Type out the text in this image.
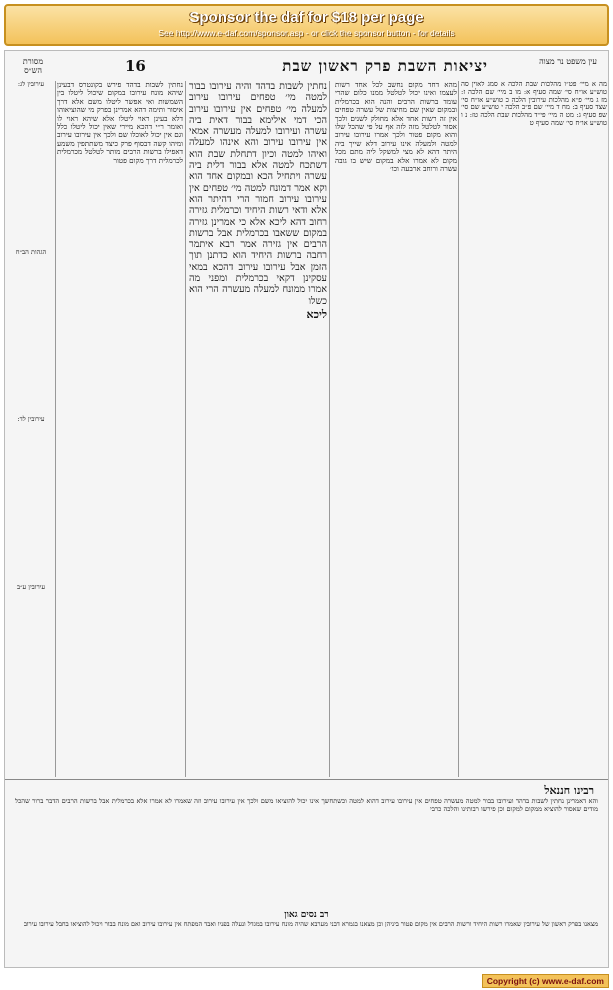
Sponsor the daf for $18 per page
See http://www.e-daf.com/sponsor.asp - or click the sponsor button - for details
עין משפט נר מצוה
יציאות השבת פרק ראשון שבת
16
מסורת הש״ס

מה א מיי׳ פט״ו מהלכות שבת הלכה א סמג לאוין סה טוש״ע או״ח סי׳ שמה סעיף א: מו ב מיי׳ שם הלכה ז: מז ג מיי׳ פ״א מהלכות עירובין הלכה כ טוש״ע או״ח סי׳ שצד סעיף ב: מח ד מיי׳ שם פ״ב הלכה י טוש״ע שם סי׳ שפ סעיף ג: מט ה מיי׳ פי״ד מהלכות שבת הלכה טז: נ ו טוש״ע או״ח סי׳ שמה סעיף ט

מהא דחד מקום נחשב לכל אחד רשות לעצמו ואינו יכול לטלטל ממנו כלום שהרי עומד ברשות הרבים והנה הוא בכרמלית ובמקום שאין שם מחיצות של עשרה טפחים אין זה רשות אחד אלא מחולק לשנים ולכך אסור לטלטל מזה לזה אף על פי שהכל שלו והוא מקום פטור ולכך אמרו עירובו עירוב למטה ולמעלה אינו עירוב דלא שייך ביה היתר דהא לא מצי למשקל ליה מתם מכל מקום לא אמרו אלא במקום שיש בו גובה עשרה ורוחב ארבעה וכו׳

נחתין לשבות בדהד והיה עירובו בבור למטה מי׳ טפחים עירובו עירוב למעלה מי׳ טפחים אין עירובו עירוב הכי דמי אילימא בבור דאית ביה עשרה ועירובו למעלה מעשרה אמאי אין עירובו עירוב והא אינהו למעלה ואיהו למטה וכיון דתחלת שבת הוא דשתכח למטה אלא בבור דלית ביה עשרה ויתחיל הכא ובמקום אחד הוא וקא אמר דמונח למטה מי׳ טפחים אין עירובו עירוב חמור הרי דהיתר הוא אלא ודאי רשות היחיד וכרמלית גזירה רחוב דהא ליכא אלא כי אמרינן גזירה במקום ששאבו בכרמלית אבל ברשות הרבים אין גזירה אמר רבא איתמר רחבה ברשות היחיד הוא כדתנן תוך הזמן אבל עירובו עירוב דהכא במאי עסקינן דקאי בכרמלית ומפני מה אמרו ממונח למעלה מעשרה הרי הוא כשלו

ליכא

נחתין לשבות בדהד פירש בקונטרס דבעינן שיהא מונח עירובו במקום שיכול ליטלו בין השמשות ואי אפשר ליטלו משם אלא דרך איסור ותימה דהא אמרינן בפרק מי שהוציאוהו דלא בעינן ראוי ליטלו אלא שיהא ראוי לו ואומר ר״י דהכא מיירי שאין יכול ליטלו כלל וגם אין יכול לאוכלו שם ולכך אין עירובו עירוב ומיהו קשה דבסוף פרק כיצד משתתפין משמע דאפילו ברשות הרבים מותר לטלטל מכרמלית לכרמלית דרך מקום פטור

עירובין לג:

הגהות הב״ח

עירובין לד:

עירובין ע״ב

רבינו חננאל
והא דאמרינן נחתין לשבות בדהד ועירובו בבור למטה מעשרה טפחים אין עירובו עירוב דהוא למטה וכשתחשך אינו יכול להוציאו משם ולכך אין עירובו עירוב וזה שאמרו לא אמרו אלא בכרמלית אבל ברשות הרבים הדבר ברור שהכל מודים שאסור להוציא ממקום למקום וכן פירשו רבותינו והלכה כרבי
רב נסים גאון
מצאנו בפרק ראשון של עירובין שאמרו רשות היחיד ורשות הרבים אין מקום פטור ביניהן וכן מצאנו בגמרא דבני מערבא שהיה מונח עירובו במגדל ונעלה בפניו ואבד המפתח אין עירובו עירוב ואם מונח בבור ויכול להוציאו בחבל עירובו עירוב
Copyright (c) www.e-daf.com
